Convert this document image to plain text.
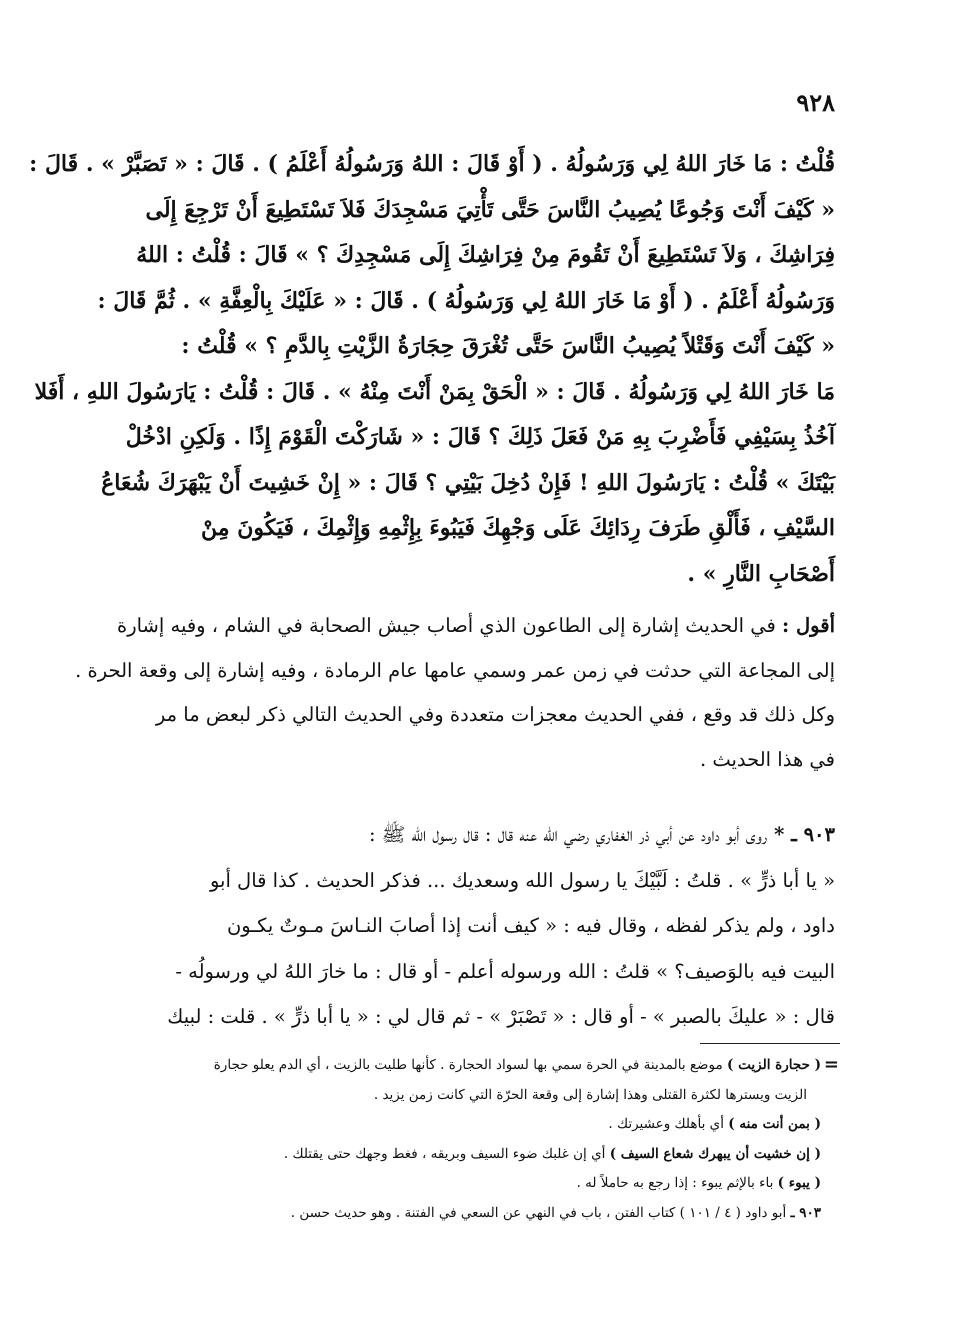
٩٢٨
قُلْتُ : مَا خَارَ اللهُ لِي وَرَسُولُهُ . ( أَوْ قَالَ : اللهُ وَرَسُولُهُ أَعْلَمُ ) . قَالَ : « تَصَبَّرْ » . قَالَ :
« كَيْفَ أَنْتَ وَجُوعًا يُصِيبُ النَّاسَ حَتَّى تَأْتِيَ مَسْجِدَكَ فَلاَ تَسْتَطِيعَ أَنْ تَرْجِعَ إِلَى
فِرَاشِكَ ، وَلاَ تَسْتَطِيعَ أَنْ تَقُومَ مِنْ فِرَاشِكَ إِلَى مَسْجِدِكَ ؟ » قَالَ : قُلْتُ : اللهُ
وَرَسُولُهُ أَعْلَمُ . ( أَوْ مَا خَارَ اللهُ لِي وَرَسُولُهُ ) . قَالَ : « عَلَيْكَ بِالْعِفَّةِ » . ثُمَّ قَالَ :
« كَيْفَ أَنْتَ وَقَتْلاً يُصِيبُ النَّاسَ حَتَّى تُغْرَقَ حِجَارَةُ الزَّيْتِ بِالدَّمِ ؟ » قُلْتُ :
مَا خَارَ اللهُ لِي وَرَسُولُهُ . قَالَ : « الْحَقْ بِمَنْ أَنْتَ مِنْهُ » . قَالَ : قُلْتُ : يَارَسُولَ اللهِ ، أَفَلا
آخُذُ بِسَيْفِي فَأَضْرِبَ بِهِ مَنْ فَعَلَ ذَلِكَ ؟ قَالَ : « شَارَكْتَ الْقَوْمَ إِذًا . وَلَكِنِ ادْخُلْ
بَيْتَكَ » قُلْتُ : يَارَسُولَ اللهِ ! فَإِنْ دُخِلَ بَيْتِي ؟ قَالَ : « إِنْ خَشِيتَ أَنْ يَبْهَرَكَ شُعَاعُ
السَّيْفِ ، فَأَلْقِ طَرَفَ رِدَائِكَ عَلَى وَجْهِكَ فَيَبُوءَ بِإِثْمِهِ وَإِثْمِكَ ، فَيَكُونَ مِنْ
أَصْحَابِ النَّارِ » .
أقول : في الحديث إشارة إلى الطاعون الذي أصاب جيش الصحابة في الشام ، وفيه إشارة
إلى المجاعة التي حدثت في زمن عمر وسمي عامها عام الرمادة ، وفيه إشارة إلى وقعة الحرة .
وكل ذلك قد وقع ، ففي الحديث معجزات متعددة وفي الحديث التالي ذكر لبعض ما مر
في هذا الحديث .
٩٠٣ ـ * روى أبو داود عن أبي ذر الغفاري رضي الله عنه قال : قال رسول الله ﷺ :
« يا أبا ذرٍّ » . قلتُ : لَبَّيْكَ يا رسول الله وسعديك ... فذكر الحديث . كذا قال أبو
داود ، ولم يذكر لفظه ، وقال فيه : « كيف أنت إذا أصابَ النـاسَ مـوتٌ يكـون
البيت فيه بالوَصيف؟ » قلتُ : الله ورسوله أعلم - أو قال : ما خارَ اللهُ لي ورسولُه -
قال : « عليكَ بالصبر » - أو قال : « تَصْبَرْ » - ثم قال لي : « يا أبا ذرٍّ » . قلت : لبيك
=
( حجارة الزيت ) موضع بالمدينة في الحرة سمي بها لسواد الحجارة . كأنها طليت بالزيت ، أي الدم يعلو حجارة
الزيت ويسترها لكثرة القتلى وهذا إشارة إلى وقعة الحرّة التي كانت زمن يزيد .
( بمن أنت منه ) أي بأهلك وعشيرتك .
( إن خشيت أن يبهرك شعاع السيف ) أي إن غلبك ضوء السيف وبريقه ، فغط وجهك حتى يقتلك .
( يبوء ) باء بالإثم يبوء : إذا رجع به حاملاً له .
٩٠٣ ـ أبو داود ( ٤ / ١٠١ ) كتاب الفتن ، باب في النهي عن السعي في الفتنة . وهو حديث حسن .
